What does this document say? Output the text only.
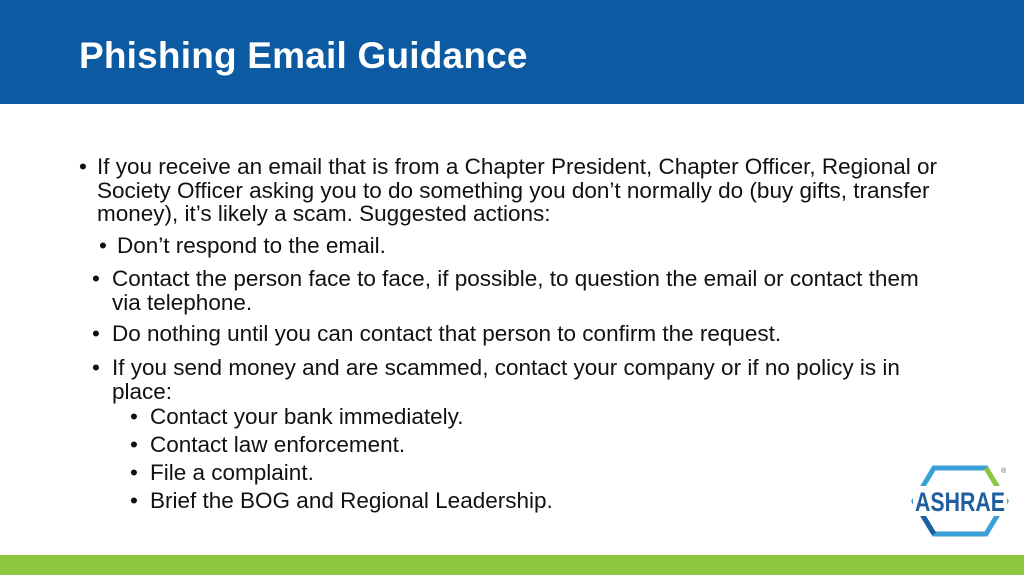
Phishing Email Guidance
• If you receive an email that is from a Chapter President, Chapter Officer, Regional or Society Officer asking you to do something you don’t normally do (buy gifts, transfer money), it’s likely a scam. Suggested actions:
• Don’t respond to the email.
• Contact the person face to face, if possible, to question the email or contact them via telephone.
• Do nothing until you can contact that person to confirm the request.
• If you send money and are scammed, contact your company or if no policy is in place:
• Contact your bank immediately.
• Contact law enforcement.
• File a complaint.
• Brief the BOG and Regional Leadership.	ASHRAE
®
